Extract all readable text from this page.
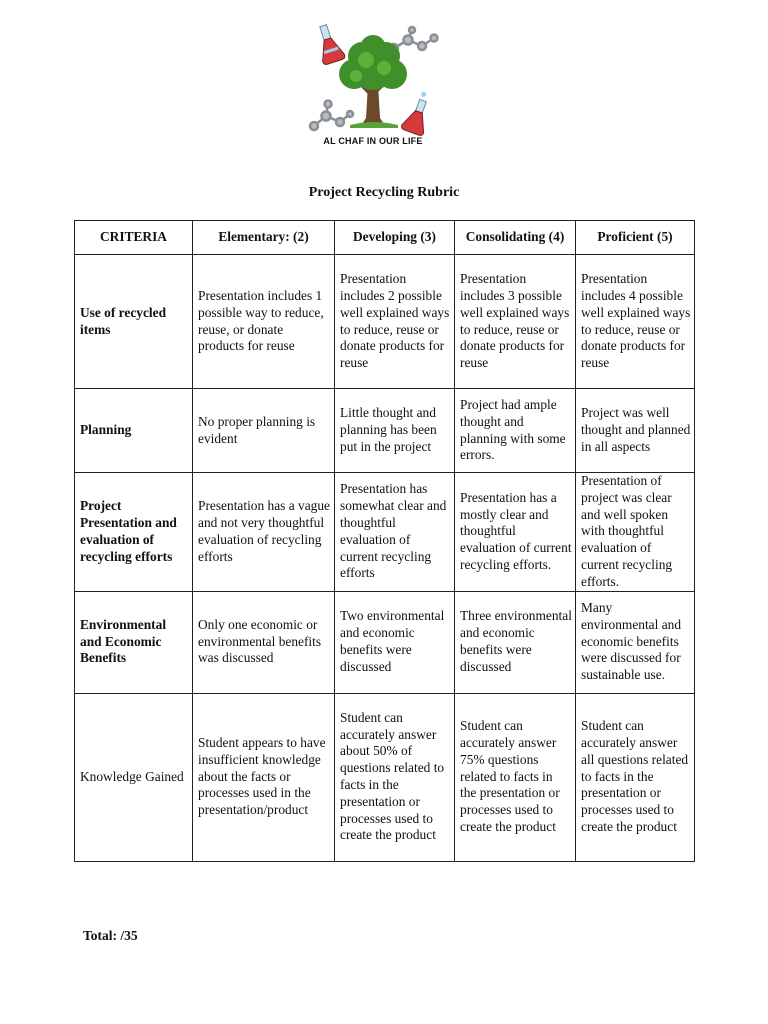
AL CHAF IN OUR LIFE
Project Recycling Rubric
CRITERIA	Elementary: (2)	Developing (3)	Consolidating (4)	Proficient (5)
Use of recycled items	Presentation includes 1 possible way to reduce, reuse, or donate products for reuse	Presentation includes 2 possible well explained ways to reduce, reuse or donate products for reuse	Presentation includes 3 possible well explained ways to reduce, reuse or donate products for reuse	Presentation includes 4 possible well explained ways to reduce, reuse or donate products for reuse
Planning	No proper planning is evident	Little thought and planning has been put in the project	Project had ample thought and planning with some errors.	Project was well thought and planned in all aspects
Project Presentation and evaluation of recycling efforts	Presentation has a vague and not very thoughtful evaluation of recycling efforts	Presentation has somewhat clear and thoughtful evaluation of current recycling efforts	Presentation has a mostly clear and thoughtful evaluation of current recycling efforts.	Presentation of project was clear and well spoken with thoughtful evaluation of current recycling efforts.
Environmental and Economic Benefits	Only one economic or environmental benefits was discussed	Two environmental and economic benefits were discussed	Three environmental and economic benefits were discussed	Many environmental and economic benefits were discussed for sustainable use.
Knowledge Gained	Student appears to have insufficient knowledge about the facts or processes used in the presentation/product	Student can accurately answer about 50% of questions related to facts in the presentation or processes used to create the product	Student can accurately answer 75% questions related to facts in the presentation or processes used to create the product	Student can accurately answer all questions related to facts in the presentation or processes used to create the product
Total: /35
